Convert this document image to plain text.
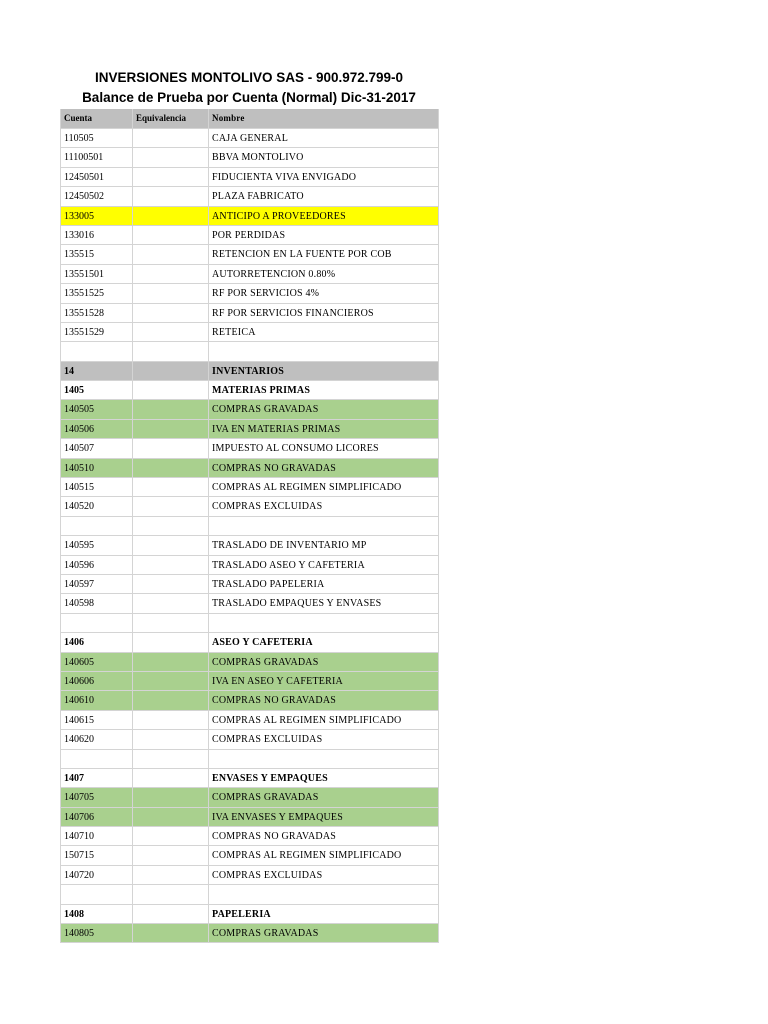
INVERSIONES MONTOLIVO SAS - 900.972.799-0
Balance de Prueba por Cuenta (Normal) Dic-31-2017
Cuenta	Equivalencia	Nombre
110505	CAJA GENERAL
11100501	BBVA MONTOLIVO
12450501	FIDUCIENTA VIVA ENVIGADO
12450502	PLAZA FABRICATO
133005	ANTICIPO A PROVEEDORES
133016	POR PERDIDAS
135515	RETENCION EN LA FUENTE POR COB
13551501	AUTORRETENCION 0.80%
13551525	RF POR SERVICIOS 4%
13551528	RF POR SERVICIOS FINANCIEROS
13551529	RETEICA
14	INVENTARIOS
1405	MATERIAS PRIMAS
140505	COMPRAS GRAVADAS
140506	IVA EN MATERIAS PRIMAS
140507	IMPUESTO AL CONSUMO LICORES
140510	COMPRAS NO GRAVADAS
140515	COMPRAS AL REGIMEN SIMPLIFICADO
140520	COMPRAS EXCLUIDAS
140595	TRASLADO DE INVENTARIO MP
140596	TRASLADO ASEO Y CAFETERIA
140597	TRASLADO PAPELERIA
140598	TRASLADO EMPAQUES Y ENVASES
1406	ASEO Y CAFETERIA
140605	COMPRAS GRAVADAS
140606	IVA EN ASEO Y CAFETERIA
140610	COMPRAS NO GRAVADAS
140615	COMPRAS AL REGIMEN SIMPLIFICADO
140620	COMPRAS EXCLUIDAS
1407	ENVASES Y EMPAQUES
140705	COMPRAS GRAVADAS
140706	IVA ENVASES Y EMPAQUES
140710	COMPRAS NO GRAVADAS
150715	COMPRAS AL REGIMEN SIMPLIFICADO
140720	COMPRAS EXCLUIDAS
1408	PAPELERIA
140805	COMPRAS GRAVADAS
